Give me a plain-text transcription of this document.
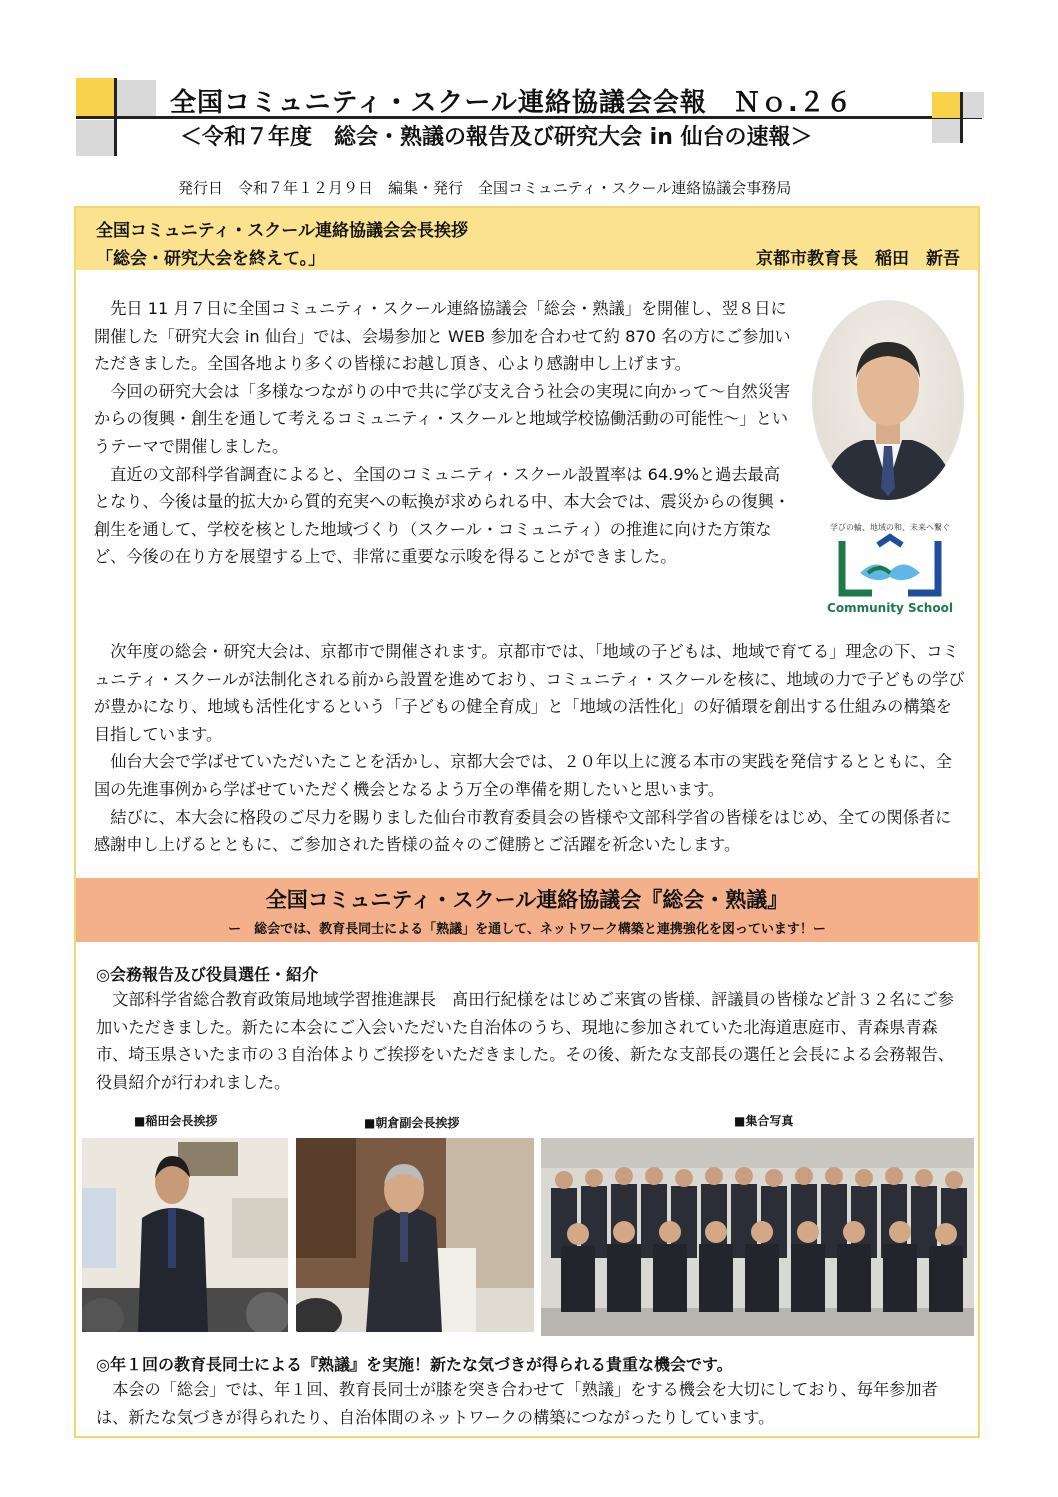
全国コミュニティ・スクール連絡協議会会報　Ｎｏ.２６
＜令和７年度　総会・熟議の報告及び研究大会 in 仙台の速報＞
発行日　令和７年１２月９日　編集・発行　全国コミュニティ・スクール連絡協議会事務局
全国コミュニティ・スクール連絡協議会会長挨拶
「総会・研究大会を終えて。」	京都市教育長　稲田　新吾

先日 11 月７日に全国コミュニティ・スクール連絡協議会「総会・熟議」を開催し、翌８日に開催した「研究大会 in 仙台」では、会場参加と WEB 参加を合わせて約 870 名の方にご参加いただきました。全国各地より多くの皆様にお越し頂き、心より感謝申し上げます。

今回の研究大会は「多様なつながりの中で共に学び支え合う社会の実現に向かって～自然災害からの復興・創生を通して考えるコミュニティ・スクールと地域学校協働活動の可能性～」というテーマで開催しました。

直近の文部科学省調査によると、全国のコミュニティ・スクール設置率は 64.9%と過去最高となり、今後は量的拡大から質的充実への転換が求められる中、本大会では、震災からの復興・創生を通して、学校を核とした地域づくり（スクール・コミュニティ）の推進に向けた方策など、今後の在り方を展望する上で、非常に重要な示唆を得ることができました。

学びの輪、地域の和、未来へ繋ぐ
Community School

次年度の総会・研究大会は、京都市で開催されます。京都市では、「地域の子どもは、地域で育てる」理念の下、コミュニティ・スクールが法制化される前から設置を進めており、コミュニティ・スクールを核に、地域の力で子どもの学びが豊かになり、地域も活性化するという「子どもの健全育成」と「地域の活性化」の好循環を創出する仕組みの構築を目指しています。

仙台大会で学ばせていただいたことを活かし、京都大会では、２０年以上に渡る本市の実践を発信するとともに、全国の先進事例から学ばせていただく機会となるよう万全の準備を期したいと思います。

結びに、本大会に格段のご尽力を賜りました仙台市教育委員会の皆様や文部科学省の皆様をはじめ、全ての関係者に感謝申し上げるとともに、ご参加された皆様の益々のご健勝とご活躍を祈念いたします。

全国コミュニティ・スクール連絡協議会『総会・熟議』
ー　総会では、教育長同士による「熟議」を通して、ネットワーク構築と連携強化を図っています！ー
◎会務報告及び役員選任・紹介

文部科学省総合教育政策局地域学習推進課長　髙田行紀様をはじめご来賓の皆様、評議員の皆様など計３２名にご参加いただきました。新たに本会にご入会いただいた自治体のうち、現地に参加されていた北海道恵庭市、青森県青森市、埼玉県さいたま市の３自治体よりご挨拶をいただきました。その後、新たな支部長の選任と会長による会務報告、役員紹介が行われました。

■稲田会長挨拶	■朝倉副会長挨拶	■集合写真
◎年１回の教育長同士による『熟議』を実施！新たな気づきが得られる貴重な機会です。

本会の「総会」では、年１回、教育長同士が膝を突き合わせて「熟議」をする機会を大切にしており、毎年参加者は、新たな気づきが得られたり、自治体間のネットワークの構築につながったりしています。
